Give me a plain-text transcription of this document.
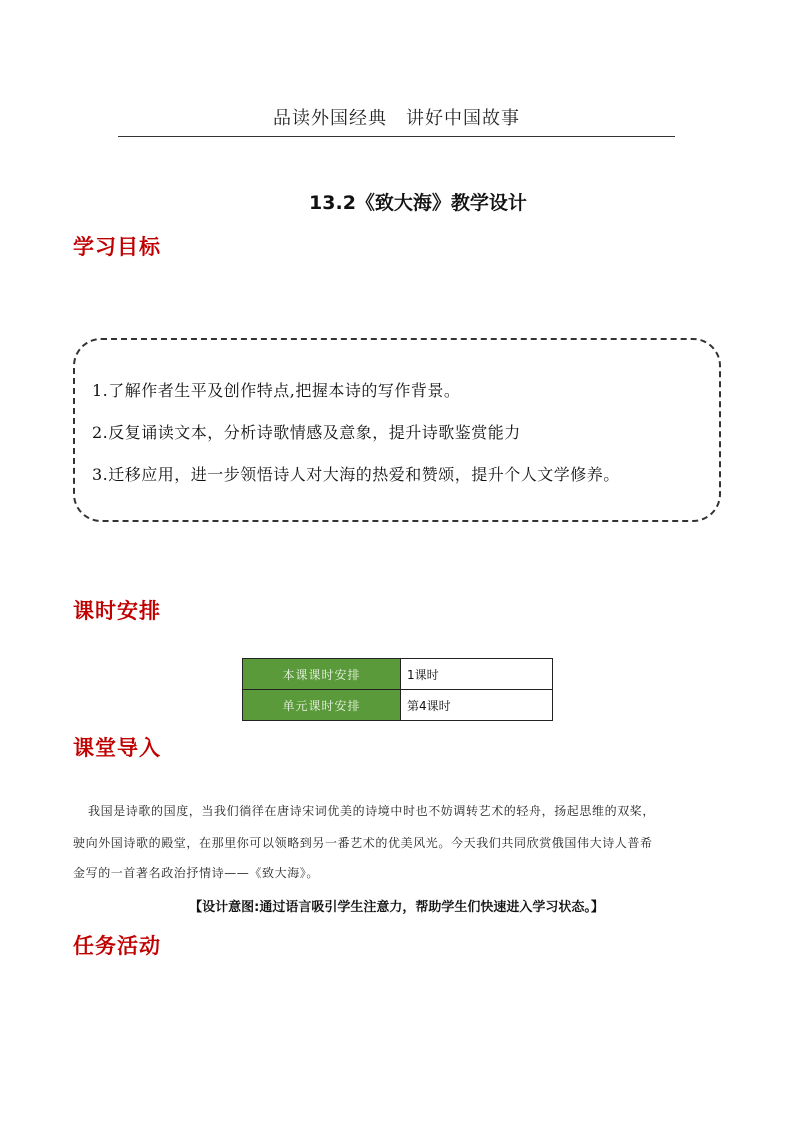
品读外国经典　讲好中国故事
13.2《致大海》教学设计
学习目标
1.了解作者生平及创作特点,把握本诗的写作背景。
2.反复诵读文本，分析诗歌情感及意象，提升诗歌鉴赏能力
3.迁移应用，进一步领悟诗人对大海的热爱和赞颂，提升个人文学修养。
课时安排
本课课时安排	1课时
单元课时安排	第4课时
课堂导入
我国是诗歌的国度，当我们徜徉在唐诗宋词优美的诗境中时也不妨调转艺术的轻舟，扬起思维的双桨，
驶向外国诗歌的殿堂，在那里你可以领略到另一番艺术的优美风光。今天我们共同欣赏俄国伟大诗人普希
金写的一首著名政治抒情诗——《致大海》。
【设计意图:通过语言吸引学生注意力，帮助学生们快速进入学习状态。】
任务活动
